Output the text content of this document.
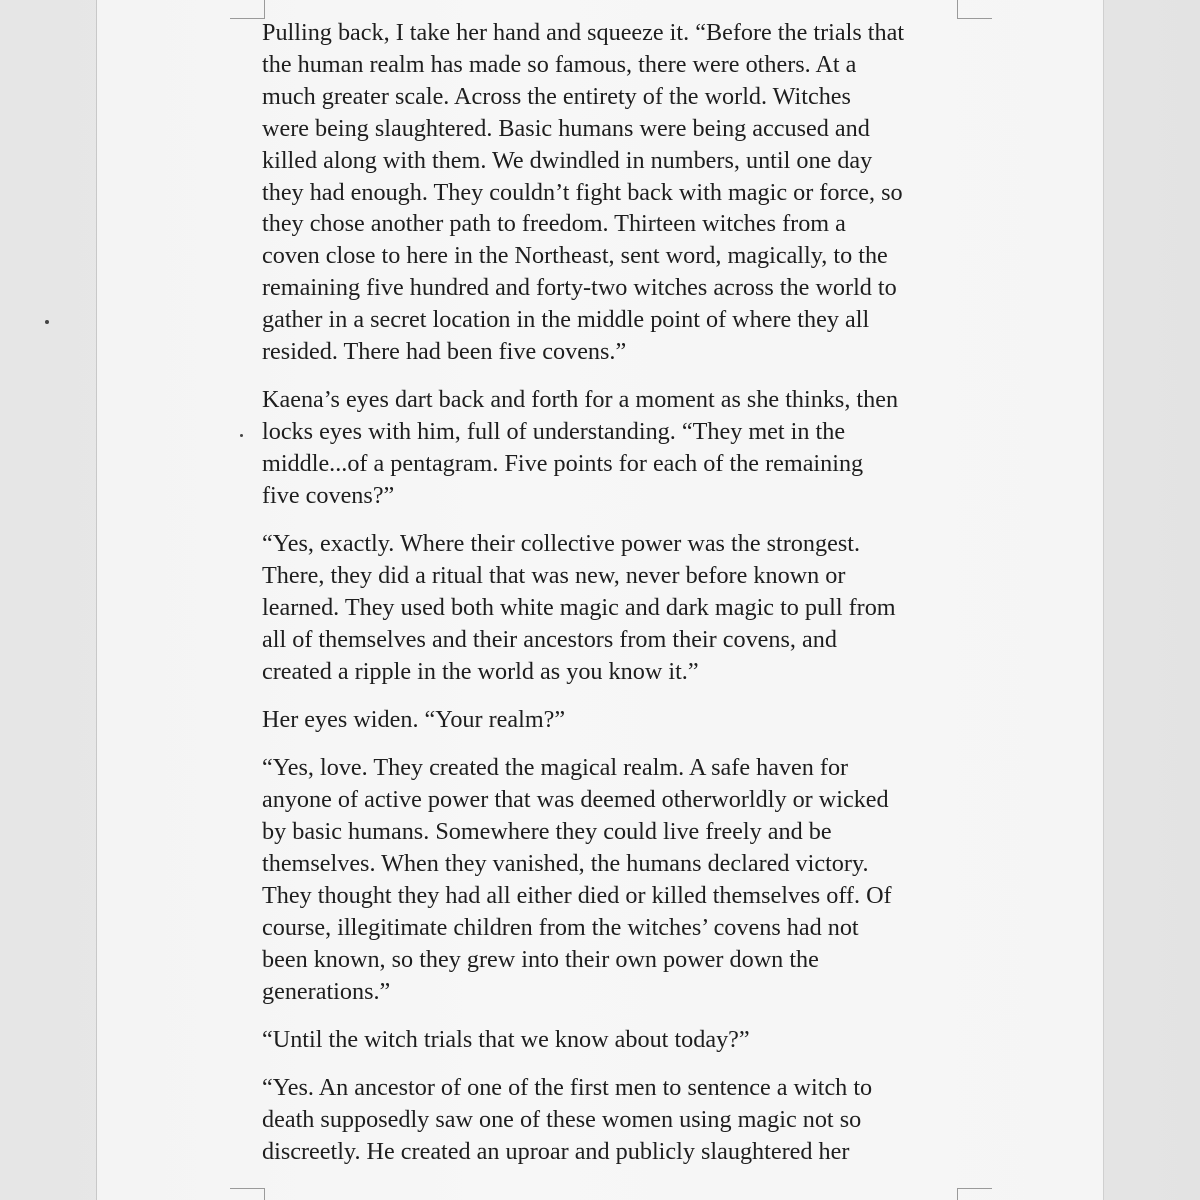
Pulling back, I take her hand and squeeze it. “Before the trials that
the human realm has made so famous, there were others. At a
much greater scale. Across the entirety of the world. Witches
were being slaughtered. Basic humans were being accused and
killed along with them. We dwindled in numbers, until one day
they had enough. They couldn’t fight back with magic or force, so
they chose another path to freedom. Thirteen witches from a
coven close to here in the Northeast, sent word, magically, to the
remaining five hundred and forty-two witches across the world to
gather in a secret location in the middle point of where they all
resided. There had been five covens.”

Kaena’s eyes dart back and forth for a moment as she thinks, then
locks eyes with him, full of understanding. “They met in the
middle...of a pentagram. Five points for each of the remaining
five covens?”

“Yes, exactly. Where their collective power was the strongest.
There, they did a ritual that was new, never before known or
learned. They used both white magic and dark magic to pull from
all of themselves and their ancestors from their covens, and
created a ripple in the world as you know it.”

Her eyes widen. “Your realm?”

“Yes, love. They created the magical realm. A safe haven for
anyone of active power that was deemed otherworldly or wicked
by basic humans. Somewhere they could live freely and be
themselves. When they vanished, the humans declared victory.
They thought they had all either died or killed themselves off. Of
course, illegitimate children from the witches’ covens had not
been known, so they grew into their own power down the
generations.”

“Until the witch trials that we know about today?”

“Yes. An ancestor of one of the first men to sentence a witch to
death supposedly saw one of these women using magic not so
discreetly. He created an uproar and publicly slaughtered her
